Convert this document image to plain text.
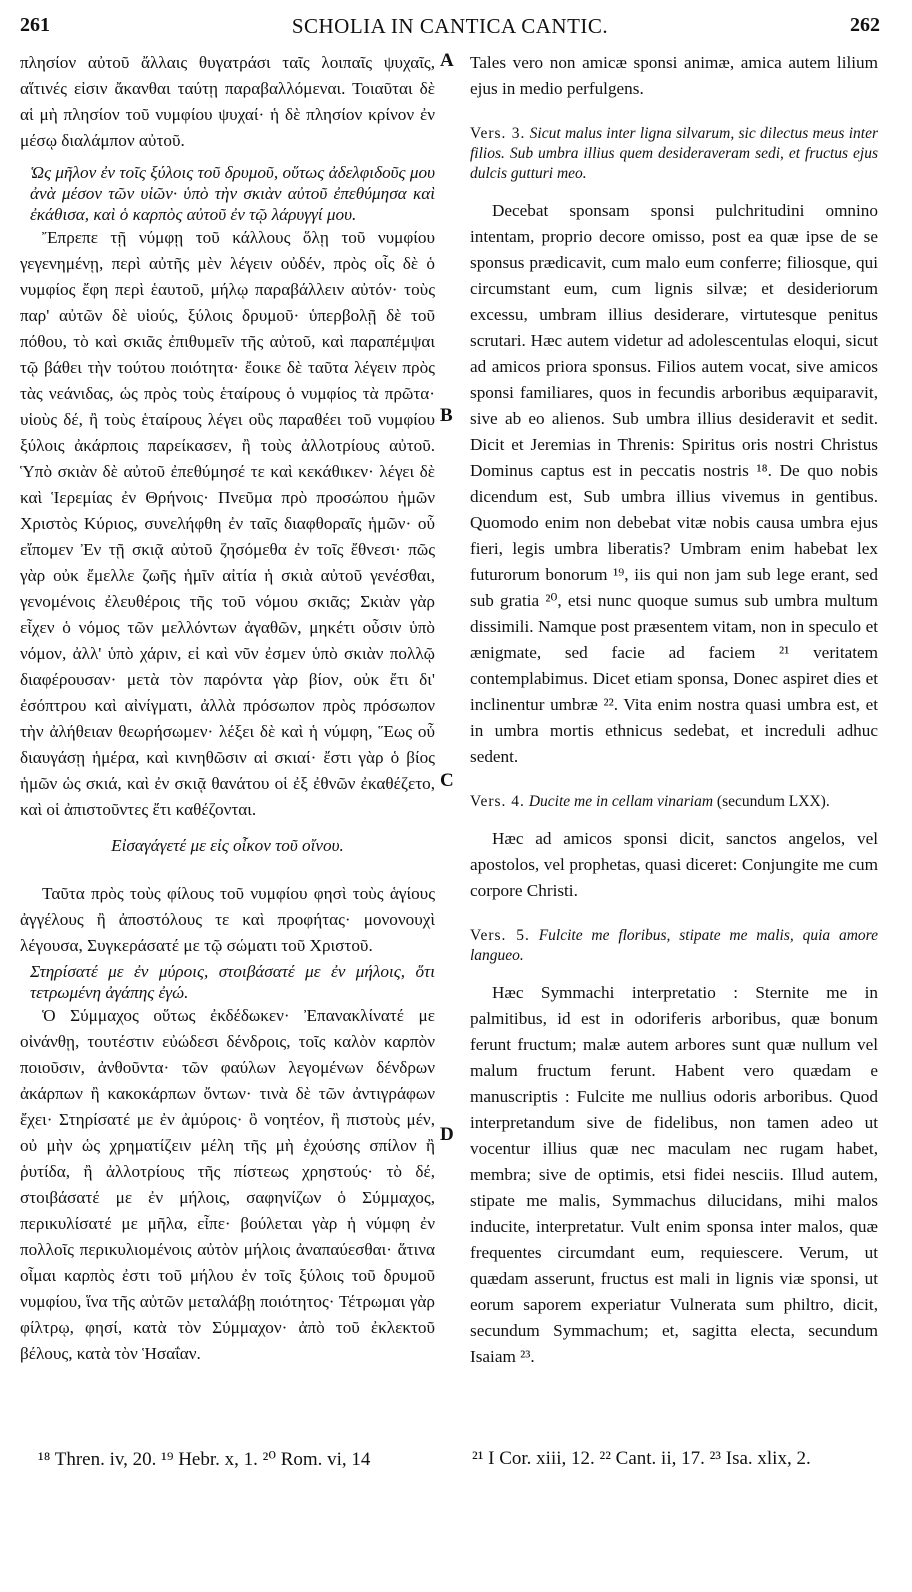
261	SCHOLIA IN CANTICA CANTIC.	262
A
B
C
D

πλησίον αὐτοῦ ἄλλαις θυγατράσι ταῖς λοιπαῖς ψυχαῖς, αἵτινές εἰσιν ἄκανθαι ταύτῃ παραβαλλόμεναι. Τοιαῦται δὲ αἱ μὴ πλησίον τοῦ νυμφίου ψυχαί· ἡ δὲ πλησίον κρίνον ἐν μέσῳ διαλάμπον αὐτοῦ.

Ὡς μῆλον ἐν τοῖς ξύλοις τοῦ δρυμοῦ, οὕτως ἀδελφιδοῦς μου ἀνὰ μέσον τῶν υἱῶν· ὑπὸ τὴν σκιὰν αὐτοῦ ἐπεθύμησα καὶ ἐκάθισα, καὶ ὁ καρπὸς αὐτοῦ ἐν τῷ λάρυγγί μου.

Ἔπρεπε τῇ νύμφῃ τοῦ κάλλους ὅλῃ τοῦ νυμφίου γεγενημένῃ, περὶ αὐτῆς μὲν λέγειν οὐδέν, πρὸς οἷς δὲ ὁ νυμφίος ἔφη περὶ ἑαυτοῦ, μήλῳ παραβάλλειν αὐτόν· τοὺς παρ' αὐτῶν δὲ υἱούς, ξύλοις δρυμοῦ· ὑπερβολῇ δὲ τοῦ πόθου, τὸ καὶ σκιᾶς ἐπιθυμεῖν τῆς αὐτοῦ, καὶ παραπέμψαι τῷ βάθει τὴν τούτου ποιότητα· ἔοικε δὲ ταῦτα λέγειν πρὸς τὰς νεάνιδας, ὡς πρὸς τοὺς ἑταίρους ὁ νυμφίος τὰ πρῶτα· υἱοὺς δέ, ἢ τοὺς ἑταίρους λέγει οὓς παραθέει τοῦ νυμφίου ξύλοις ἀκάρποις παρείκασεν, ἢ τοὺς ἀλλοτρίους αὐτοῦ. Ὑπὸ σκιὰν δὲ αὐτοῦ ἐπεθύμησέ τε καὶ κεκάθικεν· λέγει δὲ καὶ Ἱερεμίας ἐν Θρήνοις· Πνεῦμα πρὸ προσώπου ἡμῶν Χριστὸς Κύριος, συνελήφθη ἐν ταῖς διαφθοραῖς ἡμῶν· οὗ εἴπομεν Ἐν τῇ σκιᾷ αὐτοῦ ζησόμεθα ἐν τοῖς ἔθνεσι· πῶς γὰρ οὐκ ἔμελλε ζωῆς ἡμῖν αἰτία ἡ σκιὰ αὐτοῦ γενέσθαι, γενομένοις ἐλευθέροις τῆς τοῦ νόμου σκιᾶς; Σκιὰν γὰρ εἶχεν ὁ νόμος τῶν μελλόντων ἀγαθῶν, μηκέτι οὖσιν ὑπὸ νόμον, ἀλλ' ὑπὸ χάριν, εἰ καὶ νῦν ἐσμεν ὑπὸ σκιὰν πολλῷ διαφέρουσαν· μετὰ τὸν παρόντα γὰρ βίον, οὐκ ἔτι δι' ἐσόπτρου καὶ αἰνίγματι, ἀλλὰ πρόσωπον πρὸς πρόσωπον τὴν ἀλήθειαν θεωρήσωμεν· λέξει δὲ καὶ ἡ νύμφη, Ἕως οὗ διαυγάσῃ ἡμέρα, καὶ κινηθῶσιν αἱ σκιαί· ἔστι γὰρ ὁ βίος ἡμῶν ὡς σκιά, καὶ ἐν σκιᾷ θανάτου οἱ ἐξ ἐθνῶν ἐκαθέζετο, καὶ οἱ ἀπιστοῦντες ἔτι καθέζονται.

Εἰσαγάγετέ με εἰς οἶκον τοῦ οἴνου.

Ταῦτα πρὸς τοὺς φίλους τοῦ νυμφίου φησὶ τοὺς ἁγίους ἀγγέλους ἢ ἀποστόλους τε καὶ προφήτας· μονονουχὶ λέγουσα, Συγκεράσατέ με τῷ σώματι τοῦ Χριστοῦ.

Στηρίσατέ με ἐν μύροις, στοιβάσατέ με ἐν μήλοις, ὅτι τετρωμένη ἀγάπης ἐγώ.

Ὁ Σύμμαχος οὕτως ἐκδέδωκεν· Ἐπανακλίνατέ με οἰνάνθῃ, τουτέστιν εὐώδεσι δένδροις, τοῖς καλὸν καρπὸν ποιοῦσιν, ἀνθοῦντα· τῶν φαύλων λεγομένων δένδρων ἀκάρπων ἢ κακοκάρπων ὄντων· τινὰ δὲ τῶν ἀντιγράφων ἔχει· Στηρίσατέ με ἐν ἀμύροις· ὃ νοητέον, ἢ πιστοὺς μέν, οὐ μὴν ὡς χρηματίζειν μέλη τῆς μὴ ἐχούσης σπίλον ἢ ῥυτίδα, ἢ ἀλλοτρίους τῆς πίστεως χρηστούς· τὸ δέ, στοιβάσατέ με ἐν μήλοις, σαφηνίζων ὁ Σύμμαχος, περικυλίσατέ με μῆλα, εἶπε· βούλεται γὰρ ἡ νύμφη ἐν πολλοῖς περικυλιομένοις αὐτὸν μήλοις ἀναπαύεσθαι· ἅτινα οἶμαι καρπὸς ἐστι τοῦ μήλου ἐν τοῖς ξύλοις τοῦ δρυμοῦ νυμφίου, ἵνα τῆς αὐτῶν μεταλάβῃ ποιότητος· Τέτρωμαι γὰρ φίλτρῳ, φησί, κατὰ τὸν Σύμμαχον· ἀπὸ τοῦ ἐκλεκτοῦ βέλους, κατὰ τὸν Ἡσαΐαν.

Tales vero non amicæ sponsi animæ, amica autem lilium ejus in medio perfulgens.

Vers. 3. Sicut malus inter ligna silvarum, sic dilectus meus inter filios. Sub umbra illius quem desideraveram sedi, et fructus ejus dulcis gutturi meo.

Decebat sponsam sponsi pulchritudini omnino intentam, proprio decore omisso, post ea quæ ipse de se sponsus prædicavit, cum malo eum conferre; filiosque, qui circumstant eum, cum lignis silvæ; et desideriorum excessu, umbram illius desiderare, virtutesque penitus scrutari. Hæc autem videtur ad adolescentulas eloqui, sicut ad amicos priora sponsus. Filios autem vocat, sive amicos sponsi familiares, quos in fecundis arboribus æquiparavit, sive ab eo alienos. Sub umbra illius desideravit et sedit. Dicit et Jeremias in Threnis: Spiritus oris nostri Christus Dominus captus est in peccatis nostris ¹⁸. De quo nobis dicendum est, Sub umbra illius vivemus in gentibus. Quomodo enim non debebat vitæ nobis causa umbra ejus fieri, legis umbra liberatis? Umbram enim habebat lex futurorum bonorum ¹⁹, iis qui non jam sub lege erant, sed sub gratia ²⁰, etsi nunc quoque sumus sub umbra multum dissimili. Namque post præsentem vitam, non in speculo et ænigmate, sed facie ad faciem ²¹ veritatem contemplabimus. Dicet etiam sponsa, Donec aspiret dies et inclinentur umbræ ²². Vita enim nostra quasi umbra est, et in umbra mortis ethnicus sedebat, et increduli adhuc sedent.

Vers. 4. Ducite me in cellam vinariam (secundum LXX).

Hæc ad amicos sponsi dicit, sanctos angelos, vel apostolos, vel prophetas, quasi diceret: Conjungite me cum corpore Christi.

Vers. 5. Fulcite me floribus, stipate me malis, quia amore langueo.

Hæc Symmachi interpretatio : Sternite me in palmitibus, id est in odoriferis arboribus, quæ bonum ferunt fructum; malæ autem arbores sunt quæ nullum vel malum fructum ferunt. Habent vero quædam e manuscriptis : Fulcite me nullius odoris arboribus. Quod interpretandum sive de fidelibus, non tamen adeo ut vocentur illius quæ nec maculam nec rugam habet, membra; sive de optimis, etsi fidei nesciis. Illud autem, stipate me malis, Symmachus dilucidans, mihi malos inducite, interpretatur. Vult enim sponsa inter malos, quæ frequentes circumdant eum, requiescere. Verum, ut quædam asserunt, fructus est mali in lignis viæ sponsi, ut eorum saporem experiatur Vulnerata sum philtro, dicit, secundum Symmachum; et, sagitta electa, secundum Isaiam ²³.

¹⁸ Thren. iv, 20. ¹⁹ Hebr. x, 1. ²⁰ Rom. vi, 14	²¹ I Cor. xiii, 12. ²² Cant. ii, 17. ²³ Isa. xlix, 2.
